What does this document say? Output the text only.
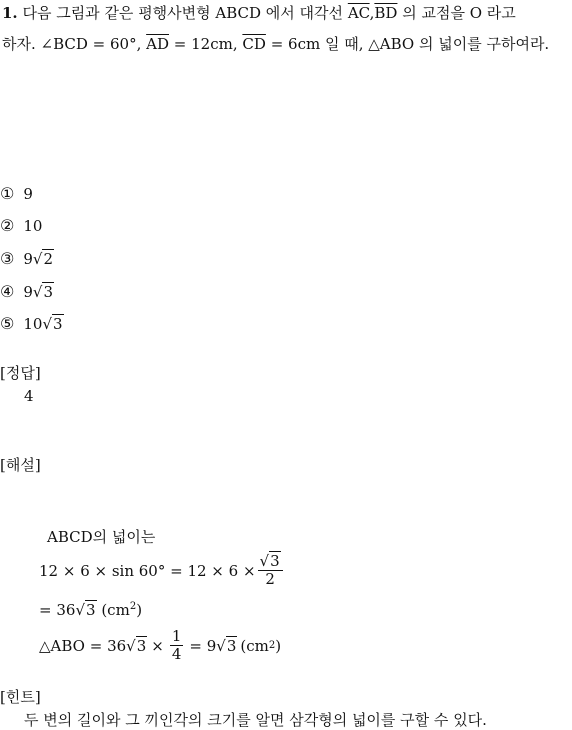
1. 다음 그림과 같은 평행사변형 ABCD 에서 대각선 $\overline{AC},\overline{BD}$ 의 교점을 O 라고
하자. ∠BCD = 60°, $\overline{AD} = 12cm$, $\overline{CD} = 6cm$ 일 때, △ABO 의 넓이를 구하여라.
① 9
② 10
③ 9√2
④ 9√3
⑤ 10√3
[정답]
4
[해설]
ABCD의 넓이는
$12 \times 6 \times \sin 60^\circ = 12 \times 6 \times \frac{√3}{2}$
= 36√3 $(cm^2)$
△ABO = 36 $√3 \times \frac{1}{4} = 9$ √3 (cm 2 )
[힌트]
두 변의 길이와 그 끼인각의 크기를 알면 삼각형의 넓이를 구할 수 있다.
